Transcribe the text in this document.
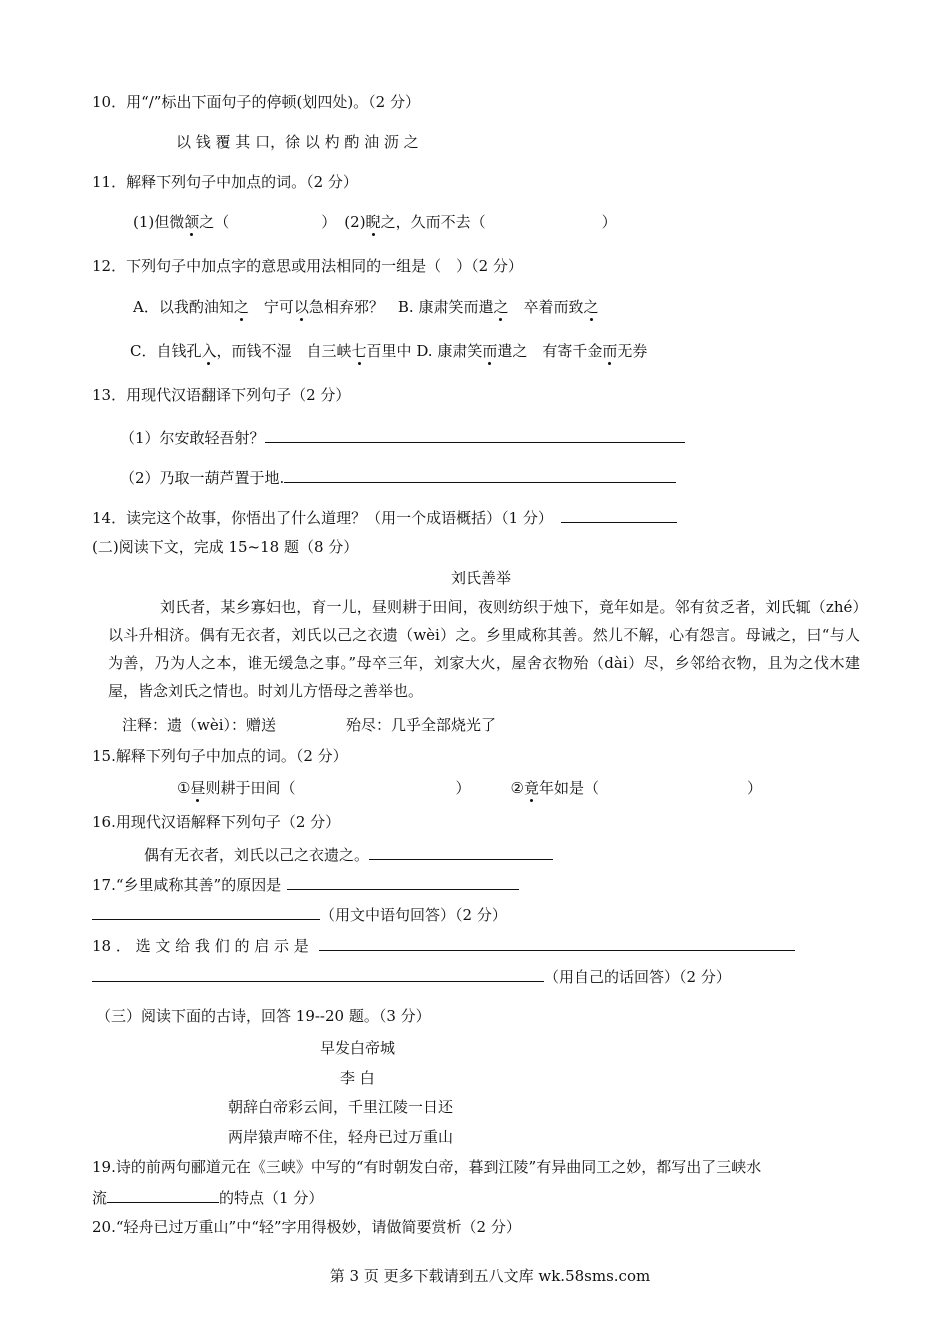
10．用“/”标出下面句子的停顿(划四处)。（2 分）
以 钱 覆 其 口，徐 以 杓 酌 油 沥 之
11．解释下列句子中加点的词。（2 分）
(1)但微颔之（	） (2)睨之，久而不去（	）
12．下列句子中加点字的意思或用法相同的一组是（　）（2 分）
A．以我酌油知之　宁可以急相弃邪？ B. 康肃笑而遣之　卒着而致之
C．自钱孔入，而钱不湿　自三峡七百里中 D. 康肃笑而遣之　有寄千金而无券
13．用现代汉语翻译下列句子（2 分）
（1）尔安敢轻吾射？
（2）乃取一葫芦置于地.
14．读完这个故事，你悟出了什么道理？（用一个成语概括）（1 分）
(二)阅读下文，完成 15~18 题（8 分）
刘氏善举
刘氏者，某乡寡妇也，育一儿，昼则耕于田间，夜则纺织于烛下，竟年如是。邻有贫乏者，刘氏辄（zhé）以斗升相济。偶有无衣者，刘氏以己之衣遗（wèi）之。乡里咸称其善。然儿不解，心有怨言。母诫之，曰“与人为善，乃为人之本，谁无缓急之事。”母卒三年，刘家大火，屋舍衣物殆（dài）尽，乡邻给衣物，且为之伐木建屋，皆念刘氏之情也。时刘儿方悟母之善举也。
注释：遗（wèi）：赠送	殆尽：几乎全部烧光了
15.解释下列句子中加点的词。（2 分）
①昼则耕于田间（	）	②竟年如是（	）
16.用现代汉语解释下列句子（2 分）
偶有无衣者，刘氏以己之衣遗之。
17.“乡里咸称其善”的原因是
（用文中语句回答）（2 分）
18 ． 选 文 给 我 们 的 启 示 是
（用自己的话回答）（2 分）
（三）阅读下面的古诗，回答 19--20 题。（3 分）
早发白帝城
李 白
朝辞白帝彩云间，千里江陵一日还
两岸猿声啼不住，轻舟已过万重山
19.诗的前两句郦道元在《三峡》中写的“有时朝发白帝，暮到江陵”有异曲同工之妙，都写出了三峡水
流	的特点（1 分）
20.“轻舟已过万重山”中“轻”字用得极妙，请做简要赏析（2 分）
第 3 页 更多下载请到五八文库 wk.58sms.com
